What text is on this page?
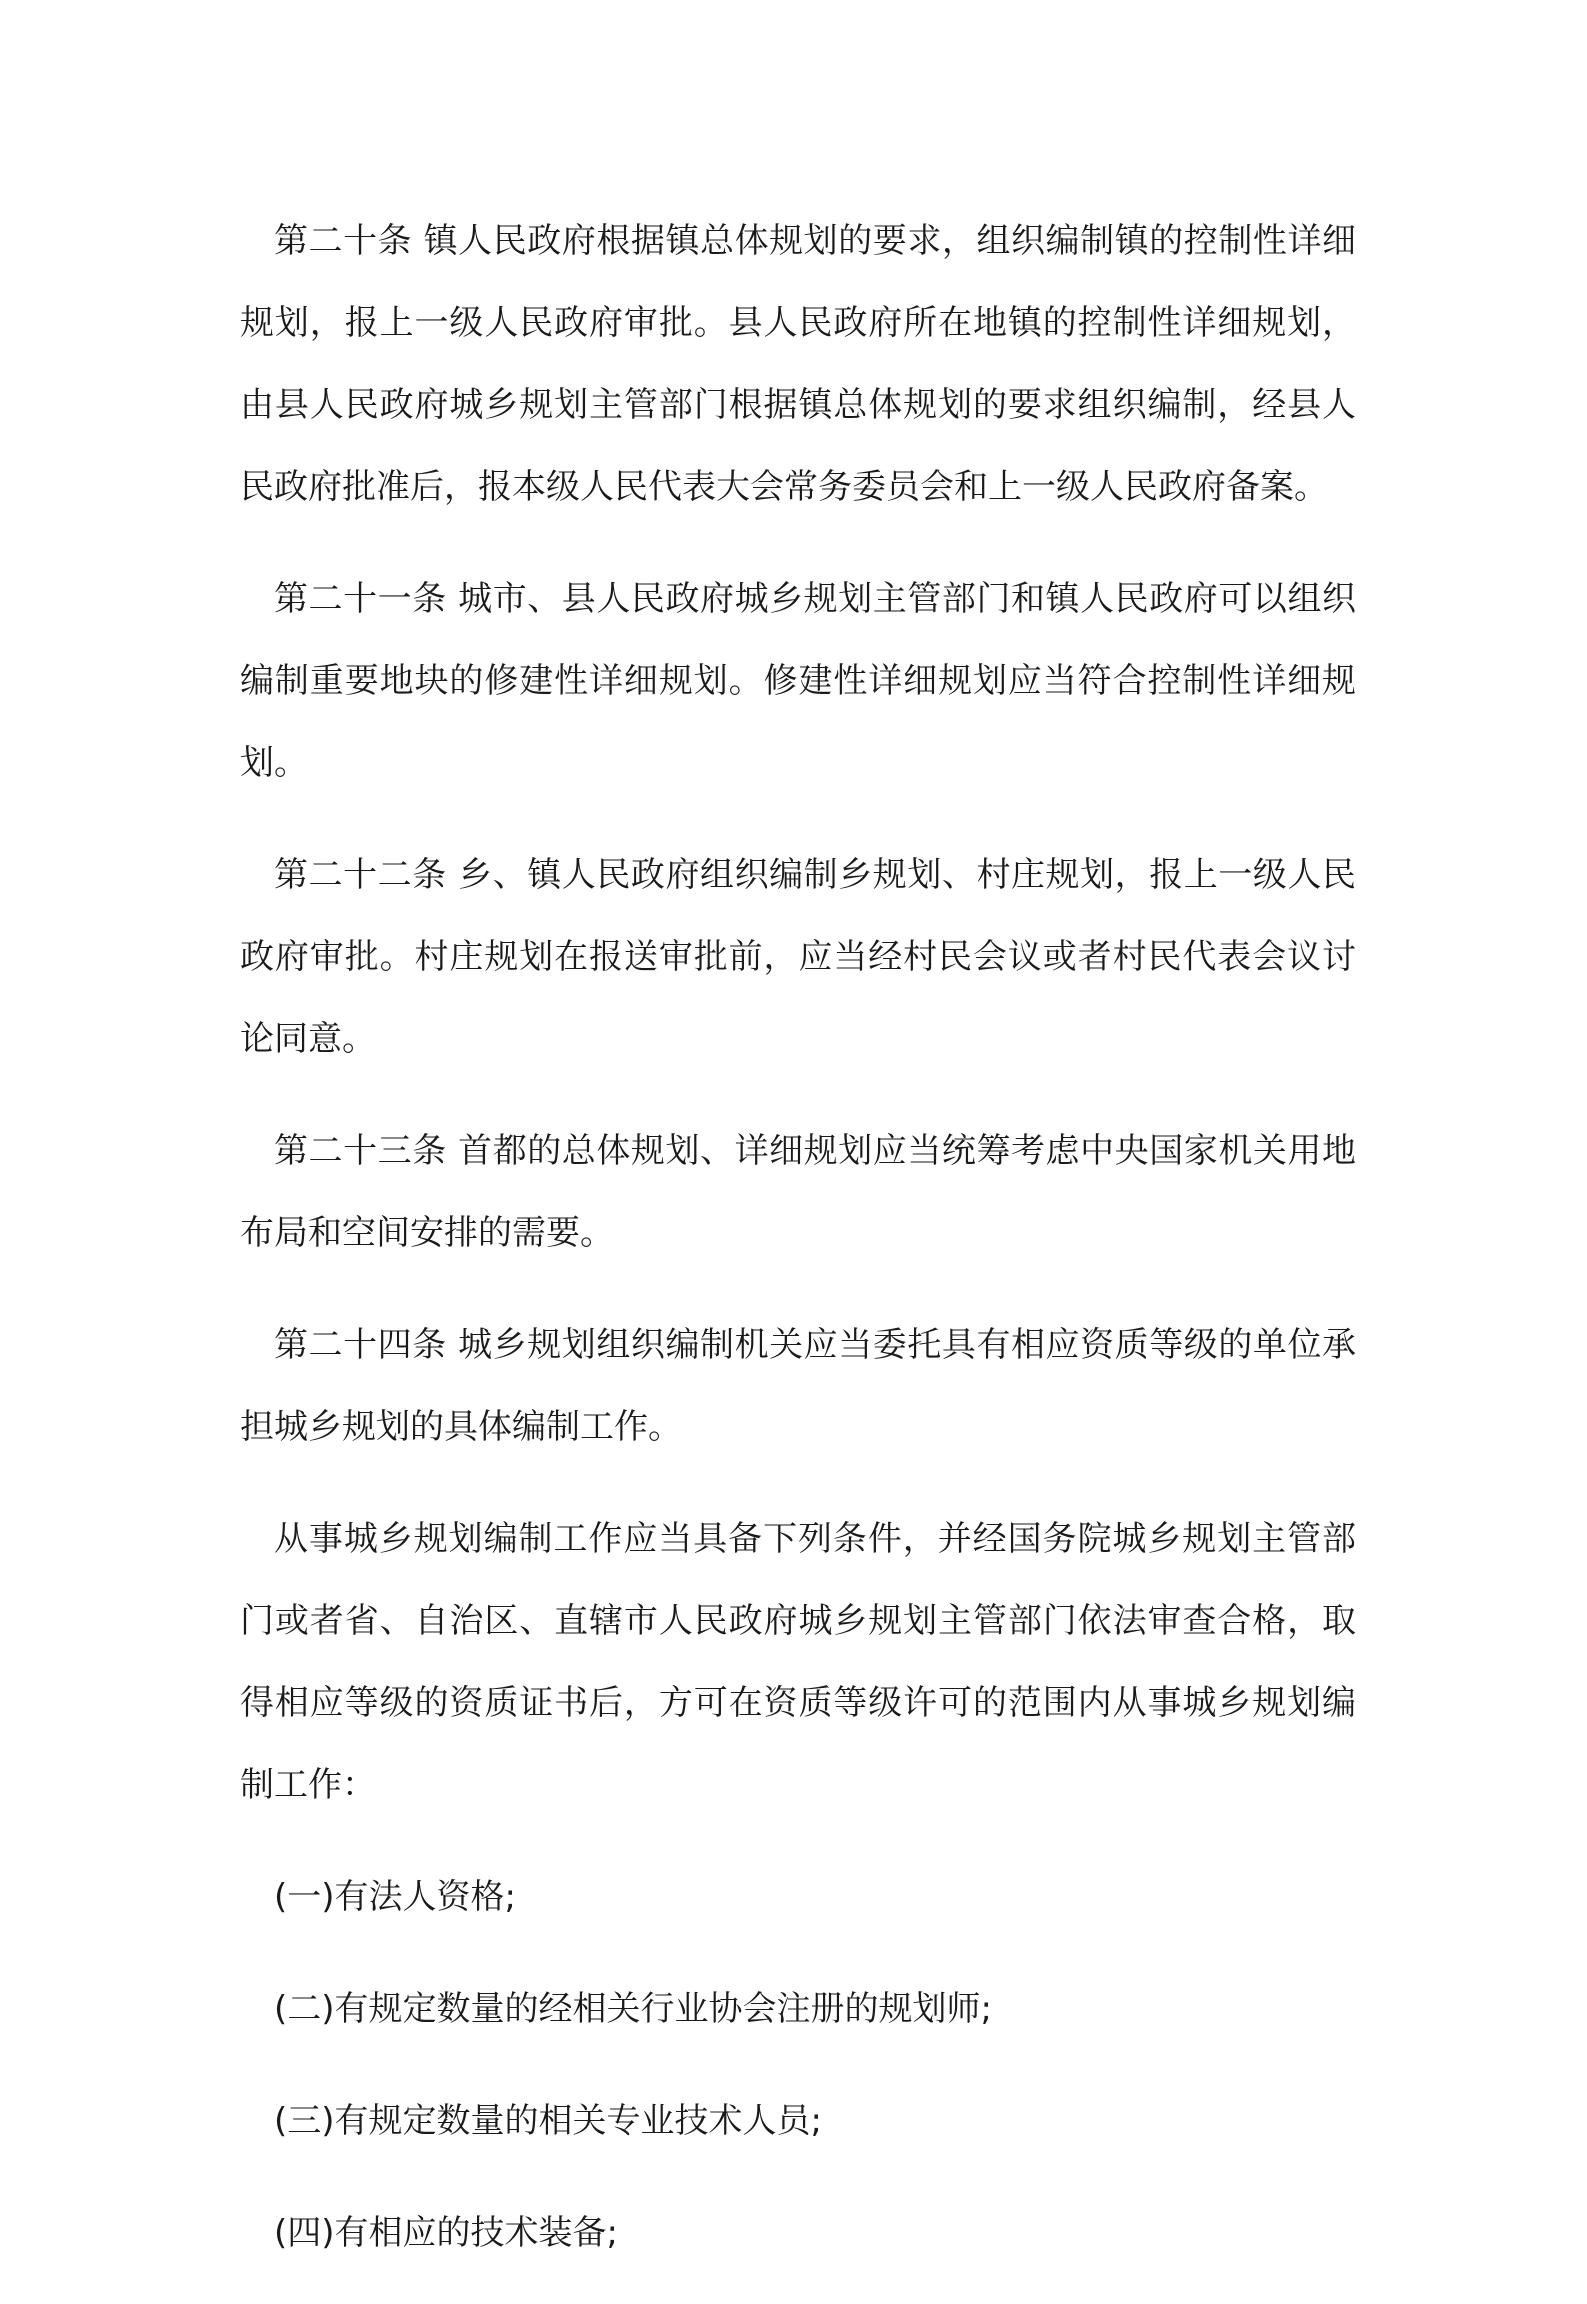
第二十条 镇人民政府根据镇总体规划的要求，组织编制镇的控制性详细规划，报上一级人民政府审批。县人民政府所在地镇的控制性详细规划，由县人民政府城乡规划主管部门根据镇总体规划的要求组织编制，经县人民政府批准后，报本级人民代表大会常务委员会和上一级人民政府备案。

第二十一条 城市、县人民政府城乡规划主管部门和镇人民政府可以组织编制重要地块的修建性详细规划。修建性详细规划应当符合控制性详细规划。

第二十二条 乡、镇人民政府组织编制乡规划、村庄规划，报上一级人民政府审批。村庄规划在报送审批前，应当经村民会议或者村民代表会议讨论同意。

第二十三条 首都的总体规划、详细规划应当统筹考虑中央国家机关用地布局和空间安排的需要。

第二十四条 城乡规划组织编制机关应当委托具有相应资质等级的单位承担城乡规划的具体编制工作。

从事城乡规划编制工作应当具备下列条件，并经国务院城乡规划主管部门或者省、自治区、直辖市人民政府城乡规划主管部门依法审查合格，取得相应等级的资质证书后，方可在资质等级许可的范围内从事城乡规划编制工作：

(一)有法人资格;

(二)有规定数量的经相关行业协会注册的规划师;

(三)有规定数量的相关专业技术人员;

(四)有相应的技术装备;
